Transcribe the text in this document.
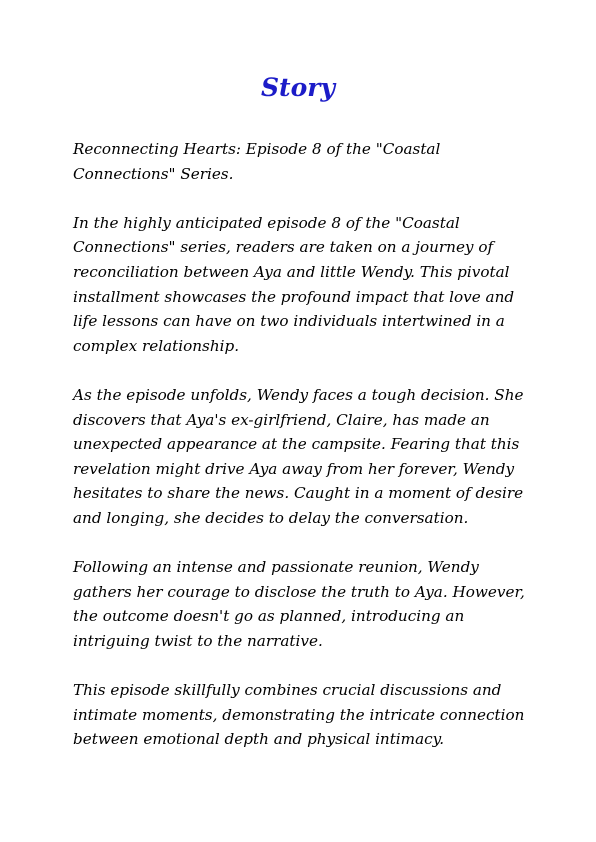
Story

Reconnecting Hearts: Episode 8 of the "Coastal Connections" Series.

In the highly anticipated episode 8 of the "Coastal Connections" series, readers are taken on a journey of reconciliation between Aya and little Wendy. This pivotal installment showcases the profound impact that love and life lessons can have on two individuals intertwined in a complex relationship.

As the episode unfolds, Wendy faces a tough decision. She discovers that Aya's ex-girlfriend, Claire, has made an unexpected appearance at the campsite. Fearing that this revelation might drive Aya away from her forever, Wendy hesitates to share the news. Caught in a moment of desire and longing, she decides to delay the conversation.

Following an intense and passionate reunion, Wendy gathers her courage to disclose the truth to Aya. However, the outcome doesn't go as planned, introducing an intriguing twist to the narrative.

This episode skillfully combines crucial discussions and intimate moments, demonstrating the intricate connection between emotional depth and physical intimacy.
